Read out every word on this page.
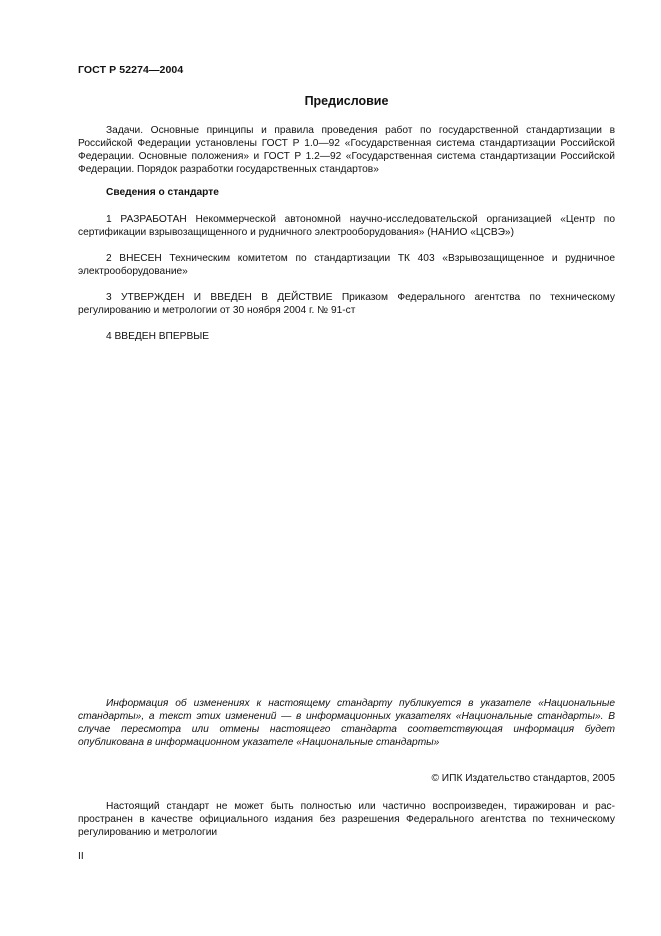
ГОСТ Р 52274—2004
Предисловие

Задачи. Основные принципы и правила проведения работ по государственной стандартизации в Российской Федерации установлены ГОСТ Р 1.0—92 «Государственная система стандартизации Российской Федерации. Основные положения» и ГОСТ Р 1.2—92 «Государственная система стандартизации Российской Федерации. Порядок разработки государственных стандартов»

Сведения о стандарте

1 РАЗРАБОТАН Некоммерческой автономной научно-исследовательской организацией «Центр по сертификации взрывозащищенного и рудничного электрооборудования» (НАНИО «ЦСВЭ»)

2 ВНЕСЕН Техническим комитетом по стандартизации ТК 403 «Взрывозащищенное и рудничное электрооборудование»

3 УТВЕРЖДЕН И ВВЕДЕН В ДЕЙСТВИЕ Приказом Федерального агентства по техническому регулированию и метрологии от 30 ноября 2004 г. № 91-ст

4 ВВЕДЕН ВПЕРВЫЕ

Информация об изменениях к настоящему стандарту публикуется в указателе «Национальные стандарты», а текст этих изменений — в информационных указателях «Национальные стандарты». В случае пересмотра или отмены настоящего стандарта соответствующая информация будет опубликована в информационном указателе «Национальные стандарты»

© ИПК Издательство стандартов, 2005

Настоящий стандарт не может быть полностью или частично воспроизведен, тиражирован и распространен в качестве официального издания без разрешения Федерального агентства по техническому регулированию и метрологии

II
